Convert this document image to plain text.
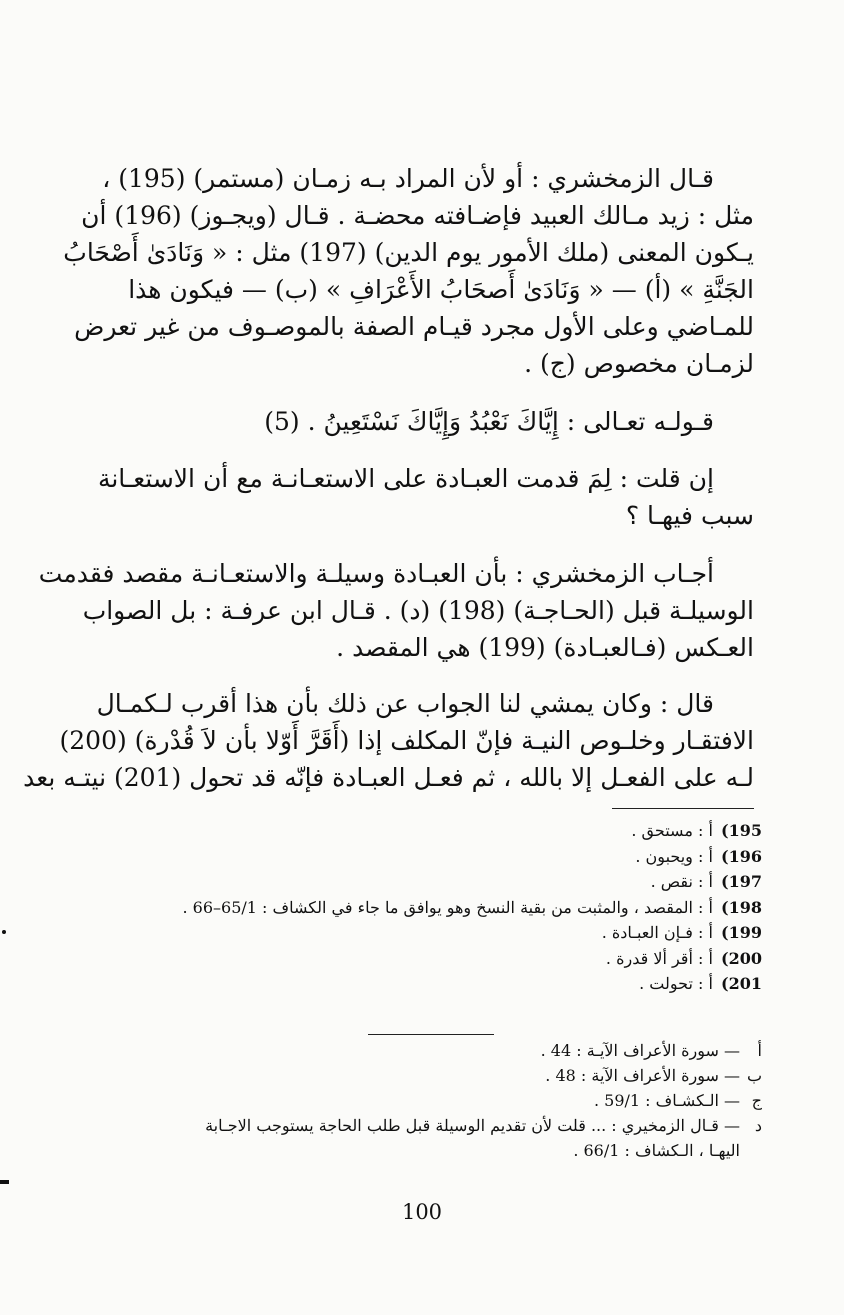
قـال الزمخشري : أو لأن المراد بـه زمـان (مستمر) (195) ،
مثل : زيد مـالك العبيد فإضـافته محضـة . قـال (ويجـوز) (196) أن
يـكون المعنى (ملك الأمور يوم الدين) (197) مثل : « وَنَادَىٰ أَصْحَابُ
الجَنَّةِ » (أ) — « وَنَادَىٰ أَصحَابُ الأَعْرَافِ » (ب) — فيكون هذا
للمـاضي وعلى الأول مجرد قيـام الصفة بالموصـوف من غير تعرض
لزمـان مخصوص (ج) .

قـولـه تعـالى : إِيَّاكَ نَعْبُدُ وَإِيَّاكَ نَسْتَعِينُ . (5)

إن قلت : لِمَ قدمت العبـادة على الاستعـانـة مع أن الاستعـانة
سبب فيهـا ؟

أجـاب الزمخشري : بأن العبـادة وسيلـة والاستعـانـة مقصد فقدمت
الوسيلـة قبل (الحـاجـة) (198) (د) . قـال ابن عرفـة : بل الصواب
العـكس (فـالعبـادة) (199) هي المقصد .

قال : وكان يمشي لنا الجواب عن ذلك بأن هذا أقرب لـكمـال
الافتقـار وخلـوص النيـة فإنّ المكلف إذا (أَقَرَّ أَوّلا بأن لاَ قُدْرة) (200)
لـه على الفعـل إلا بالله ، ثم فعـل العبـادة فإنّه قد تحول (201) نيتـه بعد

195) أ : مستحق .
196) أ : ويحبون .
197) أ : نقص .
198) أ : المقصد ، والمثبت من بقية النسخ وهو يوافق ما جاء في الكشاف : 65/1–66 .
199) أ : فـإن العبـادة .
200) أ : أقر ألا قدرة .
201) أ : تحولت .
أ— سورة الأعراف الآيـة : 44 .
ب— سورة الأعراف الآية : 48 .
ج— الـكشـاف : 59/1 .
د— قـال الزمخيري : ... قلت لأن تقديم الوسيلة قبل طلب الحاجة يستوجب الاجـابة
اليهـا ، الـكشاف : 66/1 .
100
